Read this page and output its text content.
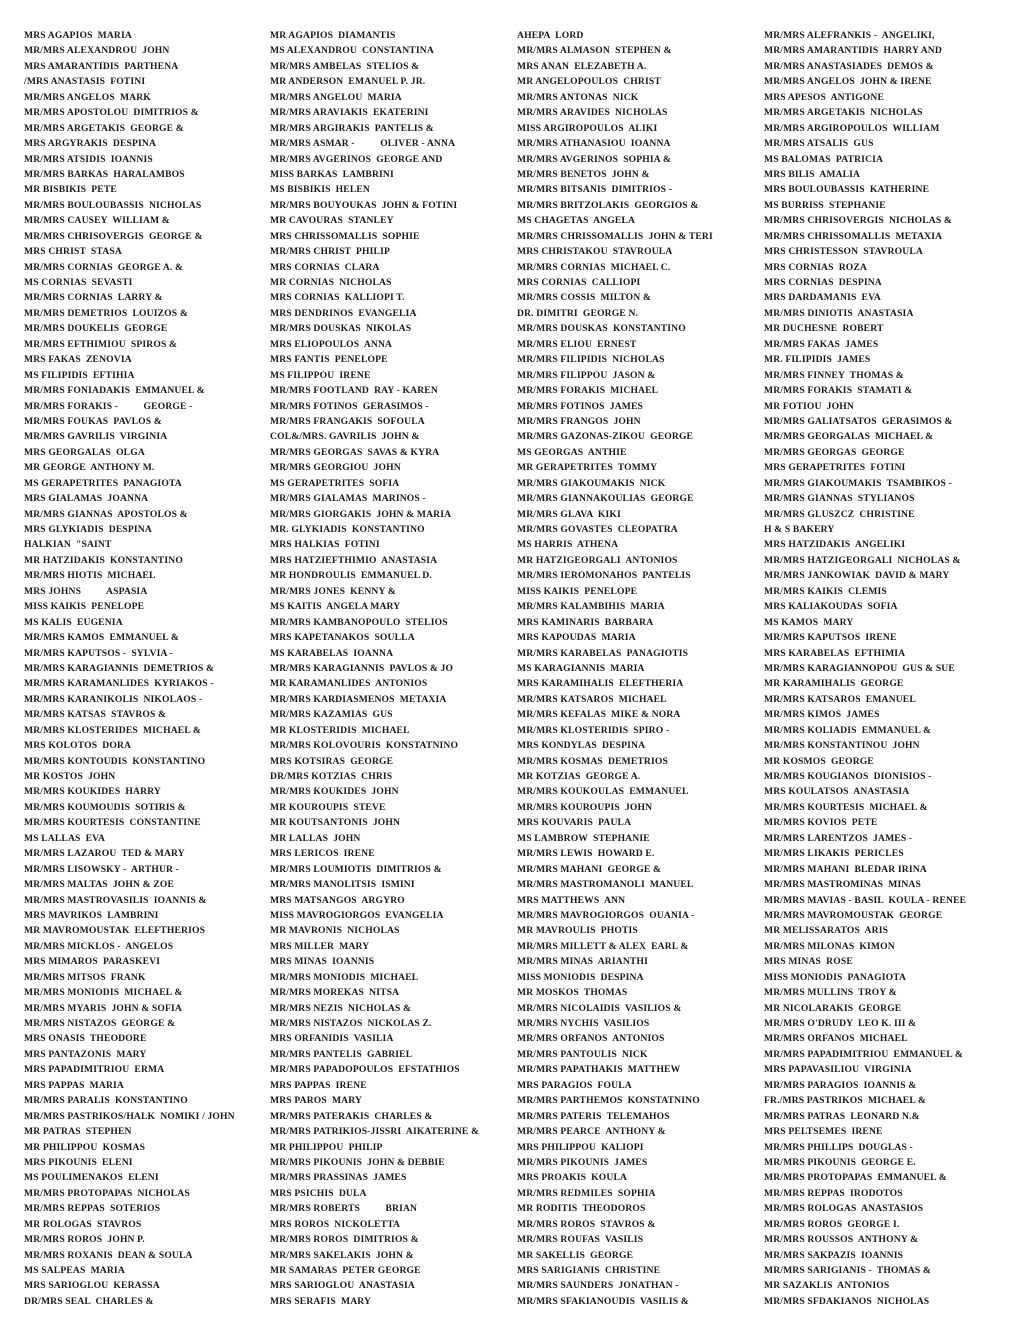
MRS AGAPIOS  MARIA
MR/MRS ALEXANDROU  JOHN
MRS AMARANTIDIS  PARTHENA
/MRS ANASTASIS  FOTINI
MR/MRS ANGELOS  MARK
MR/MRS APOSTOLOU  DIMITRIOS &
MR/MRS ARGETAKIS  GEORGE &
MRS ARGYRAKIS  DESPINA
MR/MRS ATSIDIS  IOANNIS
MR/MRS BARKAS  HARALAMBOS
MR BISBIKIS  PETE
MR/MRS BOULOUBASSIS  NICHOLAS
MR/MRS CAUSEY  WILLIAM &
MR/MRS CHRISOVERGIS  GEORGE &
MRS CHRIST  STASA
MR/MRS CORNIAS  GEORGE A. &
MS CORNIAS  SEVASTI
MR/MRS CORNIAS  LARRY &
MR/MRS DEMETRIOS  LOUIZOS &
MR/MRS DOUKELIS  GEORGE
MR/MRS EFTHIMIOU  SPIROS &
MRS FAKAS  ZENOVIA
MS FILIPIDIS  EFTIHIA
MR/MRS FONIADAKIS  EMMANUEL &
MR/MRS FORAKIS -          GEORGE -
MR/MRS FOUKAS  PAVLOS &
MR/MRS GAVRILIS  VIRGINIA
MRS GEORGALAS  OLGA
MR GEORGE  ANTHONY M.
MS GERAPETRITES  PANAGIOTA
MRS GIALAMAS  JOANNA
MR/MRS GIANNAS  APOSTOLOS &
MRS GLYKIADIS  DESPINA
HALKIAN  "SAINT
MR HATZIDAKIS  KONSTANTINO
MR/MRS HIOTIS  MICHAEL
MRS JOHNS          ASPASIA
MISS KAIKIS  PENELOPE
MS KALIS  EUGENIA
MR/MRS KAMOS  EMMANUEL &
MR/MRS KAPUTSOS -  SYLVIA -
MR/MRS KARAGIANNIS  DEMETRIOS &
MR/MRS KARAMANLIDES  KYRIAKOS -
MR/MRS KARANIKOLIS  NIKOLAOS -
MR/MRS KATSAS  STAVROS &
MR/MRS KLOSTERIDES  MICHAEL &
MRS KOLOTOS  DORA
MR/MRS KONTOUDIS  KONSTANTINO
MR KOSTOS  JOHN
MR/MRS KOUKIDES  HARRY
MR/MRS KOUMOUDIS  SOTIRIS &
MR/MRS KOURTESIS  CONSTANTINE
MS LALLAS  EVA
MR/MRS LAZAROU  TED & MARY
MR/MRS LISOWSKY -  ARTHUR -
MR/MRS MALTAS  JOHN & ZOE
MR/MRS MASTROVASILIS  IOANNIS &
MRS MAVRIKOS  LAMBRINI
MR MAVROMOUSTAK  ELEFTHERIOS
MR/MRS MICKLOS -  ANGELOS
MRS MIMAROS  PARASKEVI
MR/MRS MITSOS  FRANK
MR/MRS MONIODIS  MICHAEL &
MR/MRS MYARIS  JOHN & SOFIA
MR/MRS NISTAZOS  GEORGE &
MRS ONASIS  THEODORE
MRS PANTAZONIS  MARY
MRS PAPADIMITRIOU  ERMA
MRS PAPPAS  MARIA
MR/MRS PARALIS  KONSTANTINO
MR/MRS PASTRIKOS/HALK  NOMIKI / JOHN
MR PATRAS  STEPHEN
MR PHILIPPOU  KOSMAS
MRS PIKOUNIS  ELENI
MS POULIMENAKOS  ELENI
MR/MRS PROTOPAPAS  NICHOLAS
MR/MRS REPPAS  SOTERIOS
MR ROLOGAS  STAVROS
MR/MRS ROROS  JOHN P.
MR/MRS ROXANIS  DEAN & SOULA
MS SALPEAS  MARIA
MRS SARIOGLOU  KERASSA
DR/MRS SEAL  CHARLES &
MR AGAPIOS  DIAMANTIS
MS ALEXANDROU  CONSTANTINA
MR/MRS AMBELAS  STELIOS &
MR ANDERSON  EMANUEL P. JR.
MR/MRS ANGELOU  MARIA
MR/MRS ARAVIAKIS  EKATERINI
MR/MRS ARGIRAKIS  PANTELIS &
MR/MRS ASMAR -          OLIVER - ANNA
MR/MRS AVGERINOS  GEORGE AND
MISS BARKAS  LAMBRINI
MS BISBIKIS  HELEN
MR/MRS BOUYOUKAS  JOHN & FOTINI
MR CAVOURAS  STANLEY
MRS CHRISSOMALLIS  SOPHIE
MR/MRS CHRIST  PHILIP
MRS CORNIAS  CLARA
MR CORNIAS  NICHOLAS
MRS CORNIAS  KALLIOPI T.
MRS DENDRINOS  EVANGELIA
MR/MRS DOUSKAS  NIKOLAS
MRS ELIOPOULOS  ANNA
MRS FANTIS  PENELOPE
MS FILIPPOU  IRENE
MR/MRS FOOTLAND  RAY - KAREN
MR/MRS FOTINOS  GERASIMOS -
MR/MRS FRANGAKIS  SOFOULA
COL&/MRS. GAVRILIS  JOHN &
MR/MRS GEORGAS  SAVAS & KYRA
MR/MRS GEORGIOU  JOHN
MS GERAPETRITES  SOFIA
MR/MRS GIALAMAS  MARINOS -
MR/MRS GIORGAKIS  JOHN & MARIA
MR. GLYKIADIS  KONSTANTINO
MRS HALKIAS  FOTINI
MRS HATZIEFTHIMIO  ANASTASIA
MR HONDROULIS  EMMANUEL D.
MR/MRS JONES  KENNY &
MS KAITIS  ANGELA MARY
MR/MRS KAMBANOPOULO  STELIOS
MRS KAPETANAKOS  SOULLA
MS KARABELAS  IOANNA
MR/MRS KARAGIANNIS  PAVLOS & JO
MR KARAMANLIDES  ANTONIOS
MR/MRS KARDIASMENOS  METAXIA
MR/MRS KAZAMIAS  GUS
MR KLOSTERIDIS  MICHAEL
MR/MRS KOLOVOURIS  KONSTATNINO
MRS KOTSIRAS  GEORGE
DR/MRS KOTZIAS  CHRIS
MR/MRS KOUKIDES  JOHN
MR KOUROUPIS  STEVE
MR KOUTSANTONIS  JOHN
MR LALLAS  JOHN
MRS LERICOS  IRENE
MR/MRS LOUMIOTIS  DIMITRIOS &
MR/MRS MANOLITSIS  ISMINI
MRS MATSANGOS  ARGYRO
MISS MAVROGIORGOS  EVANGELIA
MR MAVRONIS  NICHOLAS
MRS MILLER  MARY
MRS MINAS  IOANNIS
MR/MRS MONIODIS  MICHAEL
MR/MRS MOREKAS  NITSA
MR/MRS NEZIS  NICHOLAS &
MR/MRS NISTAZOS  NICKOLAS Z.
MRS ORFANIDIS  VASILIA
MR/MRS PANTELIS  GABRIEL
MR/MRS PAPADOPOULOS  EFSTATHIOS
MRS PAPPAS  IRENE
MRS PAROS  MARY
MR/MRS PATERAKIS  CHARLES &
MR/MRS PATRIKIOS-JISSRI  AIKATERINE &
MR PHILIPPOU  PHILIP
MR/MRS PIKOUNIS  JOHN & DEBBIE
MR/MRS PRASSINAS  JAMES
MRS PSICHIS  DULA
MR/MRS ROBERTS          BRIAN
MRS ROROS  NICKOLETTA
MR/MRS ROROS  DIMITRIOS &
MR/MRS SAKELAKIS  JOHN &
MR SAMARAS  PETER GEORGE
MRS SARIOGLOU  ANASTASIA
MRS SERAFIS  MARY
AHEPA  LORD
MR/MRS ALMASON  STEPHEN &
MRS ANAN  ELEZABETH A.
MR ANGELOPOULOS  CHRIST
MR/MRS ANTONAS  NICK
MR/MRS ARAVIDES  NICHOLAS
MISS ARGIROPOULOS  ALIKI
MR/MRS ATHANASIOU  IOANNA
MR/MRS AVGERINOS  SOPHIA &
MR/MRS BENETOS  JOHN &
MR/MRS BITSANIS  DIMITRIOS -
MR/MRS BRITZOLAKIS  GEORGIOS &
MS CHAGETAS  ANGELA
MR/MRS CHRISSOMALLIS  JOHN & TERI
MRS CHRISTAKOU  STAVROULA
MR/MRS CORNIAS  MICHAEL C.
MRS CORNIAS  CALLIOPI
MR/MRS COSSIS  MILTON &
DR. DIMITRI  GEORGE N.
MR/MRS DOUSKAS  KONSTANTINO
MR/MRS ELIOU  ERNEST
MR/MRS FILIPIDIS  NICHOLAS
MR/MRS FILIPPOU  JASON &
MR/MRS FORAKIS  MICHAEL
MR/MRS FOTINOS  JAMES
MR/MRS FRANGOS  JOHN
MR/MRS GAZONAS-ZIKOU  GEORGE
MS GEORGAS  ANTHIE
MR GERAPETRITES  TOMMY
MR/MRS GIAKOUMAKIS  NICK
MR/MRS GIANNAKOULIAS  GEORGE
MR/MRS GLAVA  KIKI
MR/MRS GOVASTES  CLEOPATRA
MS HARRIS  ATHENA
MR HATZIGEORGALI  ANTONIOS
MR/MRS IEROMONAHOS  PANTELIS
MISS KAIKIS  PENELOPE
MR/MRS KALAMBIHIS  MARIA
MRS KAMINARIS  BARBARA
MRS KAPOUDAS  MARIA
MR/MRS KARABELAS  PANAGIOTIS
MS KARAGIANNIS  MARIA
MRS KARAMIHALIS  ELEFTHERIA
MR/MRS KATSAROS  MICHAEL
MR/MRS KEFALAS  MIKE & NORA
MR/MRS KLOSTERIDIS  SPIRO -
MRS KONDYLAS  DESPINA
MR/MRS KOSMAS  DEMETRIOS
MR KOTZIAS  GEORGE A.
MR/MRS KOUKOULAS  EMMANUEL
MR/MRS KOUROUPIS  JOHN
MRS KOUVARIS  PAULA
MS LAMBROW  STEPHANIE
MR/MRS LEWIS  HOWARD E.
MR/MRS MAHANI  GEORGE &
MR/MRS MASTROMANOLI  MANUEL
MRS MATTHEWS  ANN
MR/MRS MAVROGIORGOS  OUANIA -
MR MAVROULIS  PHOTIS
MR/MRS MILLETT & ALEX  EARL &
MR/MRS MINAS  ARIANTHI
MISS MONIODIS  DESPINA
MR MOSKOS  THOMAS
MR/MRS NICOLAIDIS  VASILIOS &
MR/MRS NYCHIS  VASILIOS
MR/MRS ORFANOS  ANTONIOS
MR/MRS PANTOULIS  NICK
MR/MRS PAPATHAKIS  MATTHEW
MRS PARAGIOS  FOULA
MR/MRS PARTHEMOS  KONSTATNINO
MR/MRS PATERIS  TELEMAHOS
MR/MRS PEARCE  ANTHONY &
MRS PHILIPPOU  KALIOPI
MR/MRS PIKOUNIS  JAMES
MRS PROAKIS  KOULA
MR/MRS REDMILES  SOPHIA
MR RODITIS  THEODOROS
MR/MRS ROROS  STAVROS &
MR/MRS ROUFAS  VASILIS
MR SAKELLIS  GEORGE
MRS SARIGIANIS  CHRISTINE
MR/MRS SAUNDERS  JONATHAN -
MR/MRS SFAKIANOUDIS  VASILIS &
MR/MRS ALEFRANKIS -  ANGELIKI,
MR/MRS AMARANTIDIS  HARRY AND
MR/MRS ANASTASIADES  DEMOS &
MR/MRS ANGELOS  JOHN & IRENE
MRS APESOS  ANTIGONE
MR/MRS ARGETAKIS  NICHOLAS
MR/MRS ARGIROPOULOS  WILLIAM
MR/MRS ATSALIS  GUS
MS BALOMAS  PATRICIA
MRS BILIS  AMALIA
MRS BOULOUBASSIS  KATHERINE
MS BURRISS  STEPHANIE
MR/MRS CHRISOVERGIS  NICHOLAS &
MR/MRS CHRISSOMALLIS  METAXIA
MRS CHRISTESSON  STAVROULA
MRS CORNIAS  ROZA
MRS CORNIAS  DESPINA
MRS DARDAMANIS  EVA
MR/MRS DINIOTIS  ANASTASIA
MR DUCHESNE  ROBERT
MR/MRS FAKAS  JAMES
MR. FILIPIDIS  JAMES
MR/MRS FINNEY  THOMAS &
MR/MRS FORAKIS  STAMATI &
MR FOTIOU  JOHN
MR/MRS GALIATSATOS  GERASIMOS &
MR/MRS GEORGALAS  MICHAEL &
MR/MRS GEORGAS  GEORGE
MRS GERAPETRITES  FOTINI
MR/MRS GIAKOUMAKIS  TSAMBIKOS -
MR/MRS GIANNAS  STYLIANOS
MR/MRS GLUSZCZ  CHRISTINE
H & S BAKERY
MRS HATZIDAKIS  ANGELIKI
MR/MRS HATZIGEORGALI  NICHOLAS &
MR/MRS JANKOWIAK  DAVID & MARY
MR/MRS KAIKIS  CLEMIS
MRS KALIAKOUDAS  SOFIA
MS KAMOS  MARY
MR/MRS KAPUTSOS  IRENE
MRS KARABELAS  EFTHIMIA
MR/MRS KARAGIANNOPOU  GUS & SUE
MR KARAMIHALIS  GEORGE
MR/MRS KATSAROS  EMANUEL
MR/MRS KIMOS  JAMES
MR/MRS KOLIADIS  EMMANUEL &
MR/MRS KONSTANTINOU  JOHN
MR KOSMOS  GEORGE
MR/MRS KOUGIANOS  DIONISIOS -
MRS KOULATSOS  ANASTASIA
MR/MRS KOURTESIS  MICHAEL &
MR/MRS KOVIOS  PETE
MR/MRS LARENTZOS  JAMES -
MR/MRS LIKAKIS  PERICLES
MR/MRS MAHANI  BLEDAR IRINA
MR/MRS MASTROMINAS  MINAS
MR/MRS MAVIAS - BASIL  KOULA - RENEE
MR/MRS MAVROMOUSTAK  GEORGE
MR MELISSARATOS  ARIS
MR/MRS MILONAS  KIMON
MRS MINAS  ROSE
MISS MONIODIS  PANAGIOTA
MR/MRS MULLINS  TROY &
MR NICOLARAKIS  GEORGE
MR/MRS O'DRUDY  LEO K. III &
MR/MRS ORFANOS  MICHAEL
MR/MRS PAPADIMITRIOU  EMMANUEL &
MRS PAPAVASILIOU  VIRGINIA
MR/MRS PARAGIOS  IOANNIS &
FR./MRS PASTRIKOS  MICHAEL &
MR/MRS PATRAS  LEONARD N.&
MRS PELTSEMES  IRENE
MR/MRS PHILLIPS  DOUGLAS -
MR/MRS PIKOUNIS  GEORGE E.
MR/MRS PROTOPAPAS  EMMANUEL &
MR/MRS REPPAS  IRODOTOS
MR/MRS ROLOGAS  ANASTASIOS
MR/MRS ROROS  GEORGE I.
MR/MRS ROUSSOS  ANTHONY &
MR/MRS SAKPAZIS  IOANNIS
MR/MRS SARIGIANIS -  THOMAS &
MR SAZAKLIS  ANTONIOS
MR/MRS SFDAKIANOS  NICHOLAS
